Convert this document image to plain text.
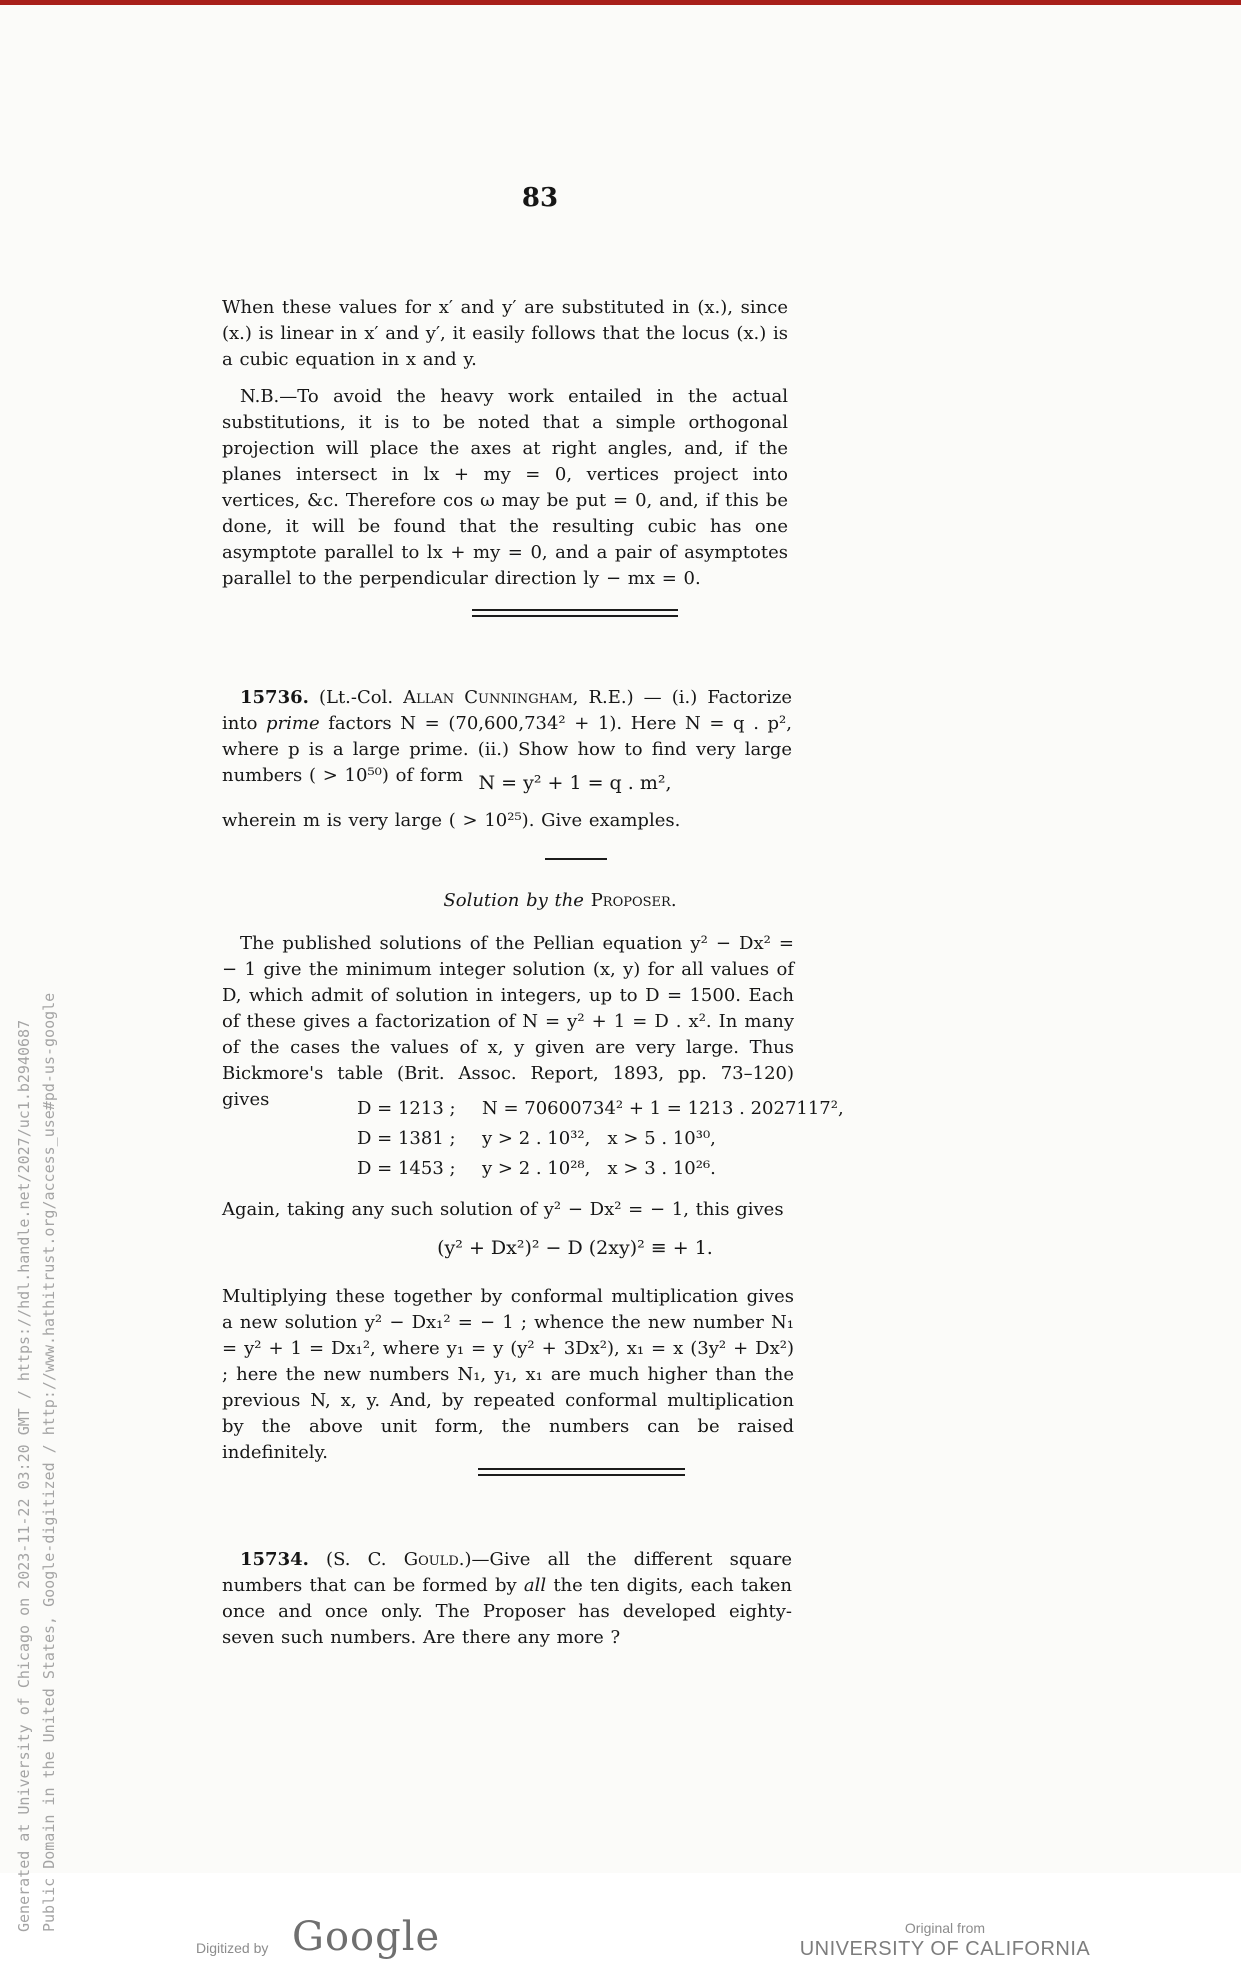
83
When these values for x′ and y′ are substituted in (x.), since (x.) is linear in x′ and y′, it easily follows that the locus (x.) is a cubic equation in x and y.
N.B.—To avoid the heavy work entailed in the actual substitutions, it is to be noted that a simple orthogonal projection will place the axes at right angles, and, if the planes intersect in lx + my = 0, vertices project into vertices, &c. Therefore cos ω may be put = 0, and, if this be done, it will be found that the resulting cubic has one asymptote parallel to lx + my = 0, and a pair of asymptotes parallel to the perpendicular direction ly − mx = 0.
15736. (Lt.-Col. Allan Cunningham, R.E.) — (i.) Factorize into prime factors N = (70,600,734² + 1). Here N = q . p², where p is a large prime. (ii.) Show how to find very large numbers ( > 10⁵⁰) of form N = y² + 1 = q . m²,
wherein m is very large ( > 10²⁵). Give examples.
Solution by the Proposer.
The published solutions of the Pellian equation y² − Dx² = − 1 give the minimum integer solution (x, y) for all values of D, which admit of solution in integers, up to D = 1500. Each of these gives a factorization of N = y² + 1 = D . x². In many of the cases the values of x, y given are very large. Thus Bickmore's table (Brit. Assoc. Report, 1893, pp. 73–120) gives	D = 1213 ;	N = 70600734² + 1 = 1213 . 2027117²,
D = 1381 ;	y > 2 . 10³²,   x > 5 . 10³⁰,
D = 1453 ;	y > 2 . 10²⁸,   x > 3 . 10²⁶.
Again, taking any such solution of y² − Dx² = − 1, this gives
(y² + Dx²)² − D (2xy)² ≡ + 1.
Multiplying these together by conformal multiplication gives a new solution y² − Dx₁² = − 1 ; whence the new number N₁ = y² + 1 = Dx₁², where y₁ = y (y² + 3Dx²), x₁ = x (3y² + Dx²) ; here the new numbers N₁, y₁, x₁ are much higher than the previous N, x, y. And, by repeated conformal multiplication by the above unit form, the numbers can be raised indefinitely.
15734. (S. C. Gould.)—Give all the different square numbers that can be formed by all the ten digits, each taken once and once only. The Proposer has developed eighty-seven such numbers. Are there any more ?
Generated at University of Chicago on 2023-11-22 03:20 GMT / https://hdl.handle.net/2027/uc1.b2940687 Public Domain in the United States, Google-digitized / http://www.hathitrust.org/access_use#pd-us-google
Digitized by Google	Original from
UNIVERSITY OF CALIFORNIA
